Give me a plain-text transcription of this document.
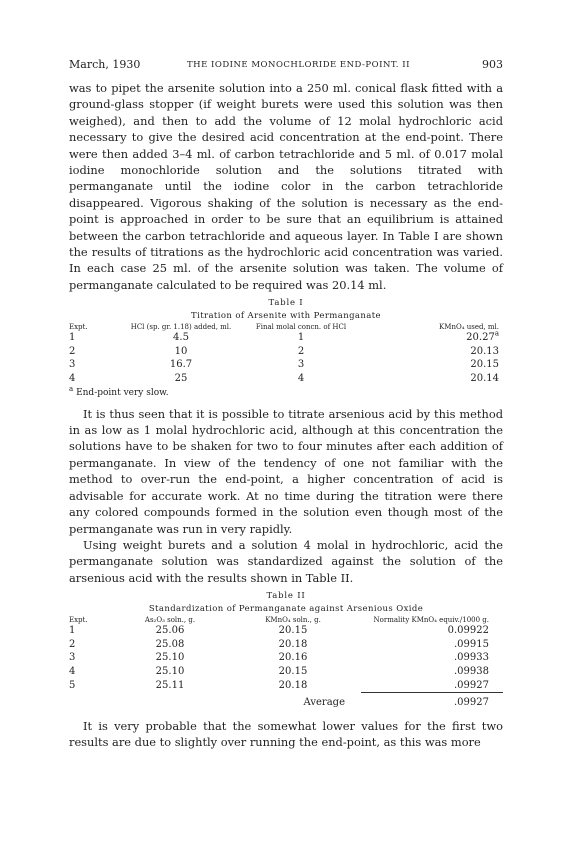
March, 1930	THE IODINE MONOCHLORIDE END-POINT. II	903

was to pipet the arsenite solution into a 250 ml. conical flask fitted with a ground-glass stopper (if weight burets were used this solution was then weighed), and then to add the volume of 12 molal hydrochloric acid necessary to give the desired acid concentration at the end-point. There were then added 3–4 ml. of carbon tetrachloride and 5 ml. of 0.017 molal iodine monochloride solution and the solutions titrated with permanganate until the iodine color in the carbon tetrachloride disappeared. Vigorous shaking of the solution is necessary as the end-point is approached in order to be sure that an equilibrium is attained between the carbon tetrachloride and aqueous layer. In Table I are shown the results of titrations as the hydrochloric acid concentration was varied. In each case 25 ml. of the arsenite solution was taken. The volume of permanganate calculated to be required was 20.14 ml.

Table I
Titration of Arsenite with Permanganate
Expt.	HCl (sp. gr. 1.18) added, ml.	Final molal concn. of HCl	KMnO₄ used, ml.
1	4.5	1	20.27$^a$
2	10	2	20.13
3	16.7	3	20.15
4	25	4	20.14
$^a$ End-point very slow.

It is thus seen that it is possible to titrate arsenious acid by this method in as low as 1 molal hydrochloric acid, although at this concentration the solutions have to be shaken for two to four minutes after each addition of permanganate. In view of the tendency of one not familiar with the method to over-run the end-point, a higher concentration of acid is advisable for accurate work. At no time during the titration were there any colored compounds formed in the solution even though most of the permanganate was run in very rapidly.

Using weight burets and a solution 4 molal in hydrochloric, acid the permanganate solution was standardized against the solution of the arsenious acid with the results shown in Table II.

Table II
Standardization of Permanganate against Arsenious Oxide
Expt.	As₂O₃ soln., g.	KMnO₄ soln., g.	Normality KMnO₄ equiv./1000 g.
1	25.06	20.15	0.09922
2	25.08	20.18	.09915
3	25.10	20.16	.09933
4	25.10	20.15	.09938
5	25.11	20.18	.09927
		Average	.09927

It is very probable that the somewhat lower values for the first two results are due to slightly over running the end-point, as this was more
